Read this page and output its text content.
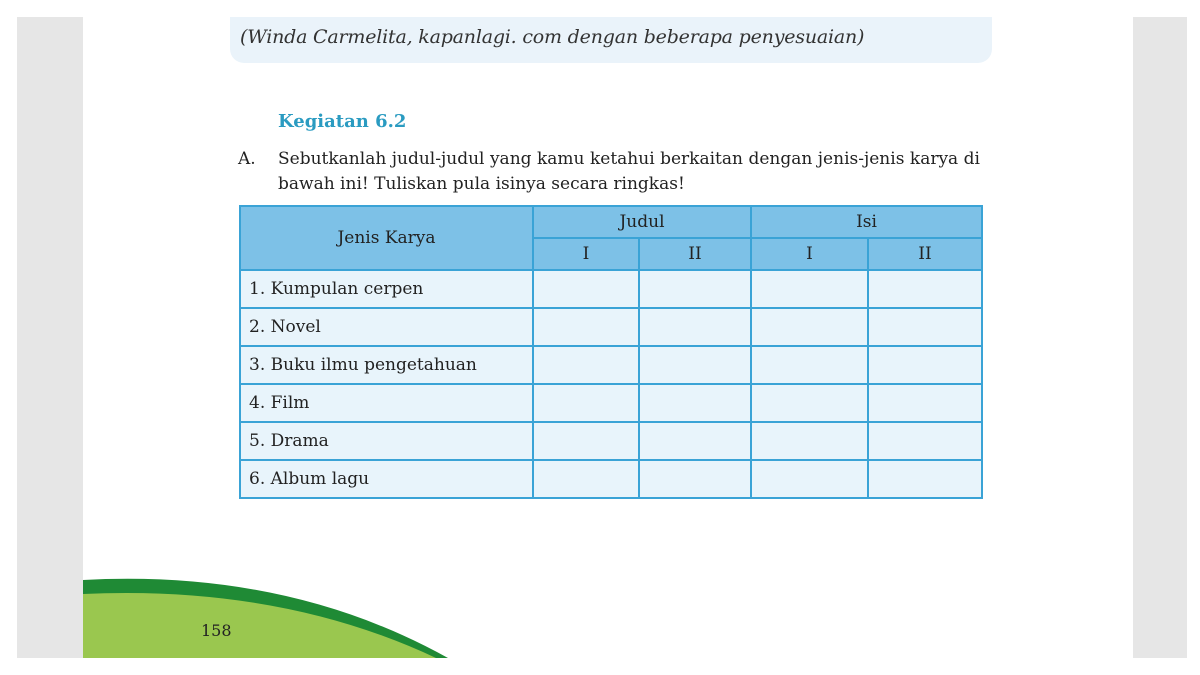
(Winda Carmelita, kapanlagi. com dengan beberapa penyesuaian)
Kegiatan 6.2
A. Sebutkanlah judul-judul yang kamu ketahui berkaitan dengan jenis-jenis karya di bawah ini! Tuliskan pula isinya secara ringkas!
Jenis Karya	Judul		Isi	
	I	II	I	II
1. Kumpulan cerpen				
2. Novel				
3. Buku ilmu pengetahuan				
4. Film				
5. Drama				
6. Album lagu				
158
